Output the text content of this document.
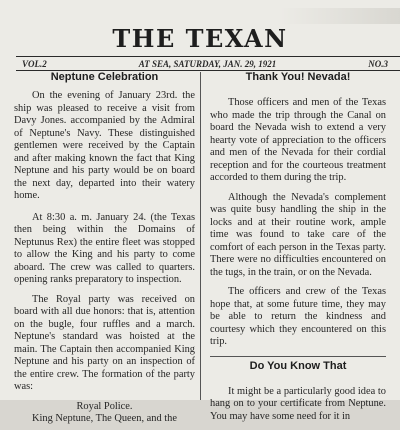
THE TEXAN
VOL.2	AT SEA, SATURDAY, JAN. 29, 1921	NO.3
Neptune Celebration

On the evening of January 23rd. the ship was pleased to receive a visit from Davy Jones. accompanied by the Admiral of Neptune's Navy. These distinguished gentlemen were received by the Captain and after making known the fact that King Neptune and his party would be on board the next day, departed into their watery home.

At 8:30 a. m. January 24. (the Texas then being within the Domains of Neptunus Rex) the entire fleet was stopped to allow the King and his party to come aboard. The crew was called to quarters. opening ranks preparatory to inspection.

The Royal party was received on board with all due honors: that is, attention on the bugle, four ruffles and a march. Neptune's standard was hoisted at the main. The Captain then accompanied King Neptune and his party on an inspection of the entire crew. The formation of the party was:

Royal Police.
King Neptune, The Queen, and the
Thank You! Nevada!

Those officers and men of the Texas who made the trip through the Canal on board the Nevada wish to extend a very hearty vote of appreciation to the officers and men of the Nevada for their cordial reception and for the courteous treatment accorded to them during the trip.

Although the Nevada's complement was quite busy handling the ship in the locks and at their routine work, ample time was found to take care of the comfort of each person in the Texas party. There were no difficulties encountered on the tugs, in the train, or on the Nevada.

The officers and crew of the Texas hope that, at some future time, they may be able to return the kindness and courtesy which they encountered on this trip.

Do You Know That

It might be a particularly good idea to hang on to your certificate from Neptune. You may have some need for it in
